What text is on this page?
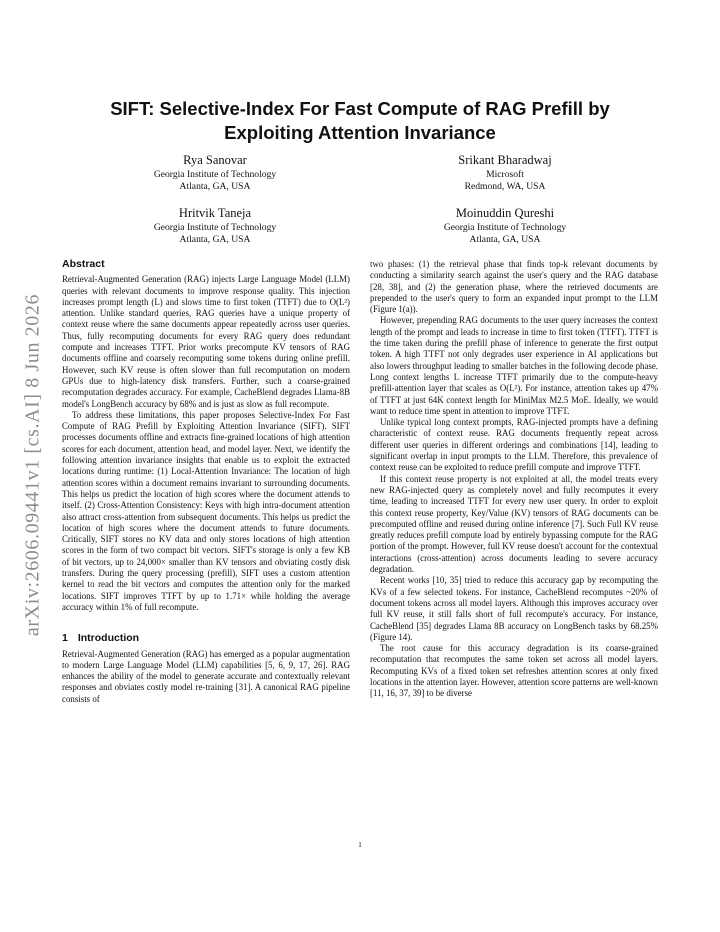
arXiv:2606.09441v1 [cs.AI] 8 Jun 2026
SIFT: Selective-Index For Fast Compute of RAG Prefill by Exploiting Attention Invariance
Rya Sanovar
Georgia Institute of Technology
Atlanta, GA, USA
Srikant Bharadwaj
Microsoft
Redmond, WA, USA
Hritvik Taneja
Georgia Institute of Technology
Atlanta, GA, USA
Moinuddin Qureshi
Georgia Institute of Technology
Atlanta, GA, USA
Abstract

Retrieval-Augmented Generation (RAG) injects Large Language Model (LLM) queries with relevant documents to improve response quality. This injection increases prompt length (L) and slows time to first token (TTFT) due to O(L²) attention. Unlike standard queries, RAG queries have a unique property of context reuse where the same documents appear repeatedly across user queries. Thus, fully recomputing documents for every RAG query does redundant compute and increases TTFT. Prior works precompute KV tensors of RAG documents offline and coarsely recomputing some tokens during online prefill. However, such KV reuse is often slower than full recomputation on modern GPUs due to high-latency disk transfers. Further, such a coarse-grained recomputation degrades accuracy. For example, CacheBlend degrades Llama-8B model's LongBench accuracy by 68% and is just as slow as full recompute.

To address these limitations, this paper proposes Selective-Index For Fast Compute of RAG Prefill by Exploiting Attention Invariance (SIFT). SIFT processes documents offline and extracts fine-grained locations of high attention scores for each document, attention head, and model layer. Next, we identify the following attention invariance insights that enable us to exploit the extracted locations during runtime: (1) Local-Attention Invariance: The location of high attention scores within a document remains invariant to surrounding documents. This helps us predict the location of high scores where the document attends to itself. (2) Cross-Attention Consistency: Keys with high intra-document attention also attract cross-attention from subsequent documents. This helps us predict the location of high scores where the document attends to future documents. Critically, SIFT stores no KV data and only stores locations of high attention scores in the form of two compact bit vectors. SIFT's storage is only a few KB of bit vectors, up to 24,000× smaller than KV tensors and obviating costly disk transfers. During the query processing (prefill), SIFT uses a custom attention kernel to read the bit vectors and computes the attention only for the marked locations. SIFT improves TTFT by up to 1.71× while holding the average accuracy within 1% of full recompute.

1 Introduction

Retrieval-Augmented Generation (RAG) has emerged as a popular augmentation to modern Large Language Model (LLM) capabilities [5, 6, 9, 17, 26]. RAG enhances the ability of the model to generate accurate and contextually relevant responses and obviates costly model re-training [31]. A canonical RAG pipeline consists of

two phases: (1) the retrieval phase that finds top-k relevant documents by conducting a similarity search against the user's query and the RAG database [28, 38], and (2) the generation phase, where the retrieved documents are prepended to the user's query to form an expanded input prompt to the LLM (Figure 1(a)).

However, prepending RAG documents to the user query increases the context length of the prompt and leads to increase in time to first token (TTFT). TTFT is the time taken during the prefill phase of inference to generate the first output token. A high TTFT not only degrades user experience in AI applications but also lowers throughput leading to smaller batches in the following decode phase. Long context lengths L increase TTFT primarily due to the compute-heavy prefill-attention layer that scales as O(L²). For instance, attention takes up 47% of TTFT at just 64K context length for MiniMax M2.5 MoE. Ideally, we would want to reduce time spent in attention to improve TTFT.

Unlike typical long context prompts, RAG-injected prompts have a defining characteristic of context reuse. RAG documents frequently repeat across different user queries in different orderings and combinations [14], leading to significant overlap in input prompts to the LLM. Therefore, this prevalence of context reuse can be exploited to reduce prefill compute and improve TTFT.

If this context reuse property is not exploited at all, the model treats every new RAG-injected query as completely novel and fully recomputes it every time, leading to increased TTFT for every new user query. In order to exploit this context reuse property, Key/Value (KV) tensors of RAG documents can be precomputed offline and reused during online inference [7]. Such Full KV reuse greatly reduces prefill compute load by entirely bypassing compute for the RAG portion of the prompt. However, full KV reuse doesn't account for the contextual interactions (cross-attention) across documents leading to severe accuracy degradation.

Recent works [10, 35] tried to reduce this accuracy gap by recomputing the KVs of a few selected tokens. For instance, CacheBlend recomputes ~20% of document tokens across all model layers. Although this improves accuracy over full KV reuse, it still falls short of full recompute's accuracy. For instance, CacheBlend [35] degrades Llama 8B accuracy on LongBench tasks by 68.25% (Figure 14).

The root cause for this accuracy degradation is its coarse-grained recomputation that recomputes the same token set across all model layers. Recomputing KVs of a fixed token set refreshes attention scores at only fixed locations in the attention layer. However, attention score patterns are well-known [11, 16, 37, 39] to be diverse

1
